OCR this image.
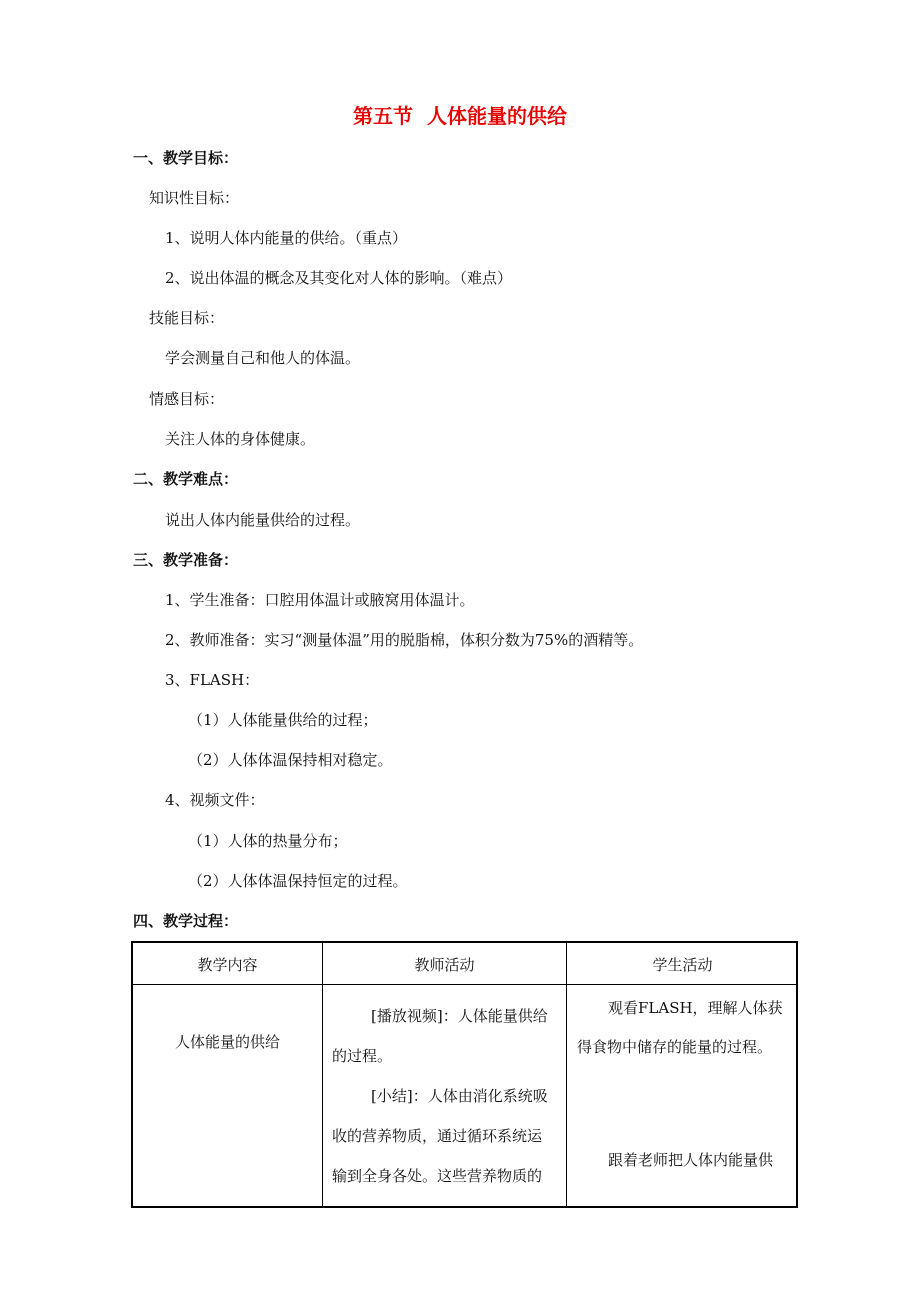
第五节  人体能量的供给
一、教学目标：
知识性目标：
1、说明人体内能量的供给。（重点）
2、说出体温的概念及其变化对人体的影响。（难点）
技能目标：
学会测量自己和他人的体温。
情感目标：
关注人体的身体健康。
二、教学难点：
说出人体内能量供给的过程。
三、教学准备：
1、学生准备：口腔用体温计或腋窝用体温计。
2、教师准备：实习“测量体温”用的脱脂棉，体积分数为75%的酒精等。
3、FLASH：
（1）人体能量供给的过程；
（2）人体体温保持相对稳定。
4、视频文件：
（1）人体的热量分布；
（2）人体体温保持恒定的过程。
四、教学过程：
教学内容	教师活动	学生活动
人体能量的供给
[播放视频]：人体能量供给
的过程。
[小结]：人体由消化系统吸
收的营养物质，通过循环系统运
输到全身各处。这些营养物质的
观看FLASH，理解人体获
得食物中储存的能量的过程。
跟着老师把人体内能量供
